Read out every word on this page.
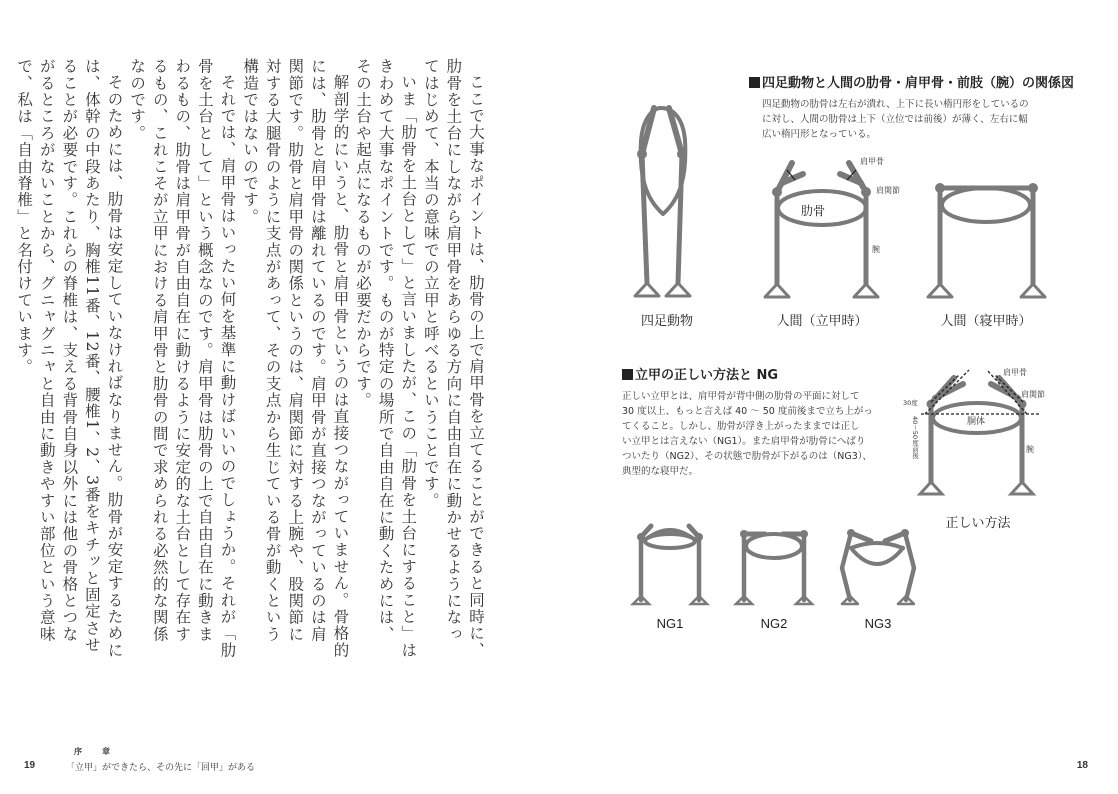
ここで大事なポイントは、肋骨の上で肩甲骨を立てることができると同時に、肋骨を土台にしながら肩甲骨をあらゆる方向に自由自在に動かせるようになってはじめて、本当の意味での立甲と呼べるということです。

いま「肋骨を土台として」と言いましたが、この「肋骨を土台にすること」はきわめて大事なポイントです。ものが特定の場所で自由自在に動くためには、その土台や起点になるものが必要だからです。

解剖学的にいうと、肋骨と肩甲骨というのは直接つながっていません。骨格的には、肋骨と肩甲骨は離れているのです。肩甲骨が直接つながっているのは肩関節です。肋骨と肩甲骨の関係というのは、肩関節に対する上腕や、股関節に対する大腿骨のように支点があって、その支点から生じている骨が動くという構造ではないのです。

それでは、肩甲骨はいったい何を基準に動けばいいのでしょうか。それが「肋骨を土台として」という概念なのです。肩甲骨は肋骨の上で自由自在に動きまわるもの、肋骨は肩甲骨が自由自在に動けるように安定的な土台として存在するもの、これこそが立甲における肩甲骨と肋骨の間で求められる必然的な関係なのです。

そのためには、肋骨は安定していなければなりません。肋骨が安定するためには、体幹の中段あたり、胸椎11番、12番、腰椎1、2、3番をキチッと固定させることが必要です。これらの脊椎は、支える背骨自身以外には他の骨格とつながるところがないことから、グニャグニャと自由に動きやすい部位という意味で、私は「自由脊椎」と名付けています。

序　章
19	「立甲」ができたら、その先に「回甲」がある
四足動物と人間の肋骨・肩甲骨・前肢（腕）の関係図
四足動物の肋骨は左右が潰れ、上下に長い楕円形をしているの
に対し、人間の肋骨は上下（立位では前後）が薄く、左右に幅
広い楕円形となっている。
肩甲骨
肩関節
肋骨
腕
四足動物	人間（立甲時）	人間（寝甲時）
立甲の正しい方法と NG
正しい立甲とは、肩甲骨が背中側の肋骨の平面に対して
30 度以上、もっと言えば 40 ～ 50 度前後まで立ち上がっ
てくること。しかし、肋骨が浮き上がったままでは正し
い立甲とは言えない（NG1）。また肩甲骨が肋骨にへばり
ついたり（NG2）、その状態で肋骨が下がるのは（NG3）、
典型的な寝甲だ。
肩甲骨
肩関節
30度
40〜50度前後	胴体
腕
正しい方法
NG1	NG2	NG3
18
